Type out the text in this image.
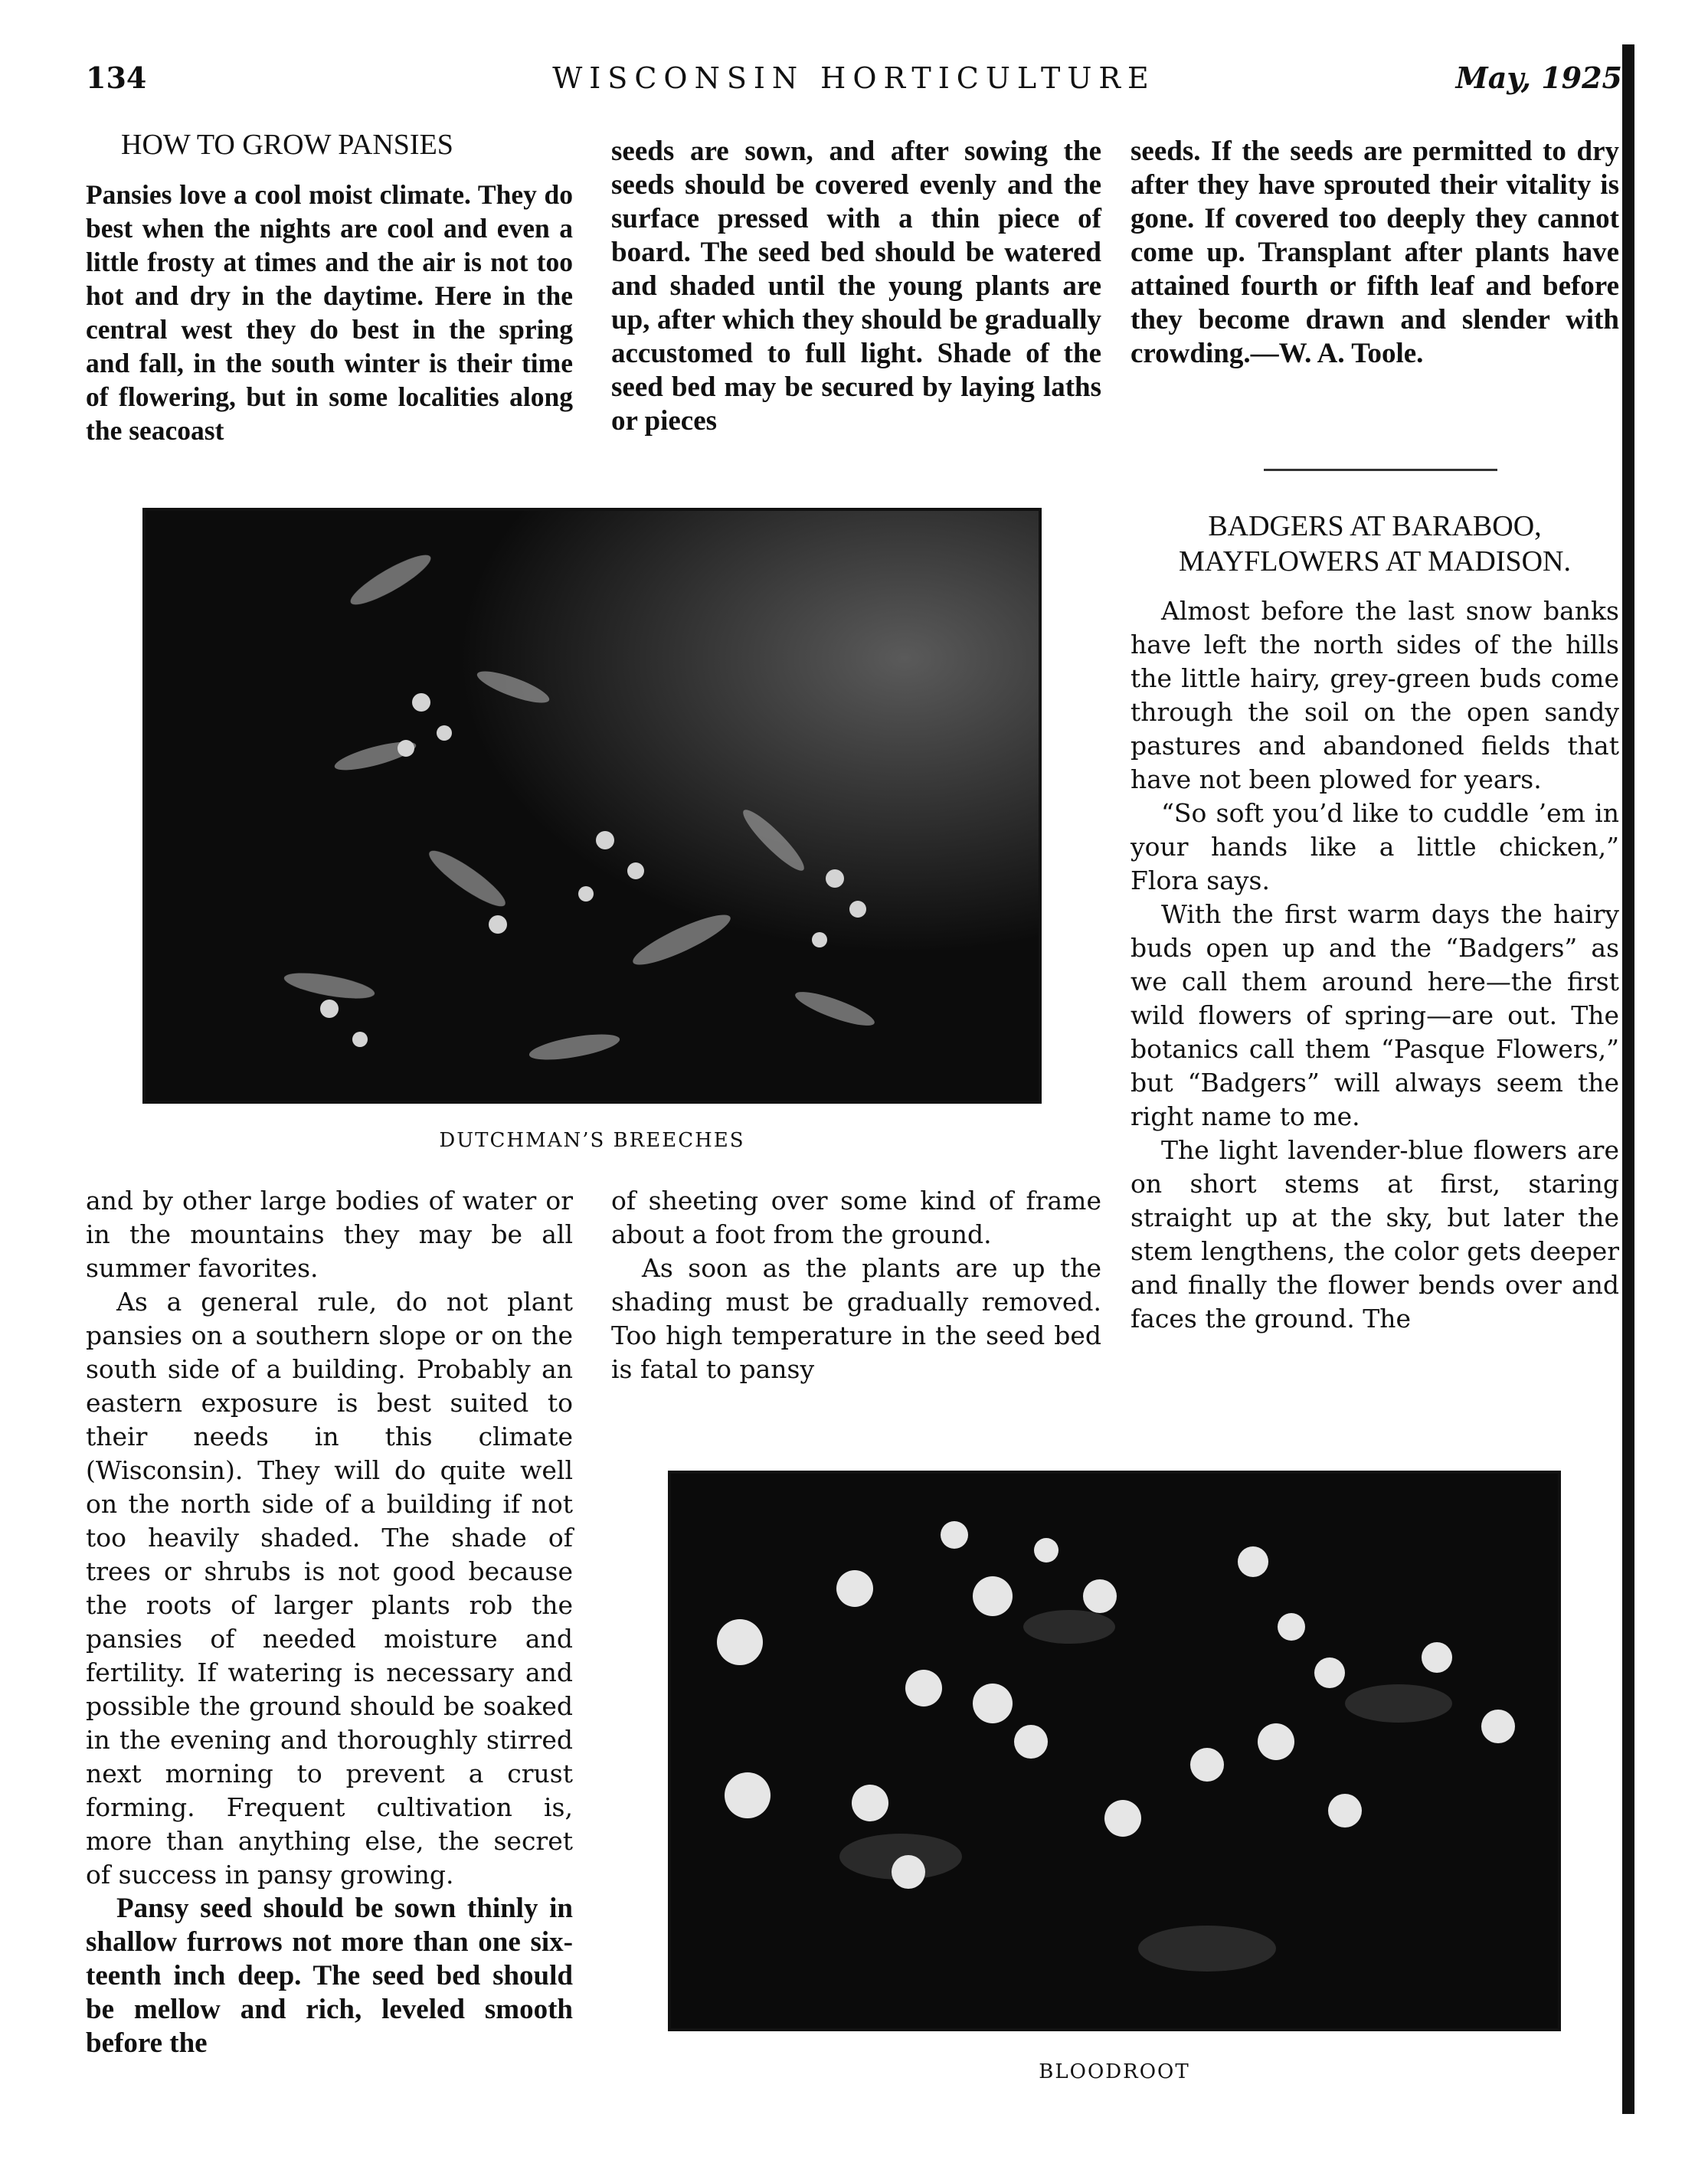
134	WISCONSIN HORTICULTURE	May, 1925
HOW TO GROW PANSIES

Pansies love a cool moist climate. They do best when the nights are cool and even a little frosty at times and the air is not too hot and dry in the daytime. Here in the central west they do best in the spring and fall, in the south winter is their time of flowering, but in some localities along the seacoast

seeds are sown, and after sowing the seeds should be covered evenly and the surface pressed with a thin piece of board. The seed bed should be watered and shaded until the young plants are up, after which they should be gradually accustomed to full light. Shade of the seed bed may be secured by laying laths or pieces

seeds. If the seeds are permitted to dry after they have sprouted their vitality is gone. If covered too deeply they cannot come up. Transplant after plants have attained fourth or fifth leaf and before they become drawn and slender with crowding.—W. A. Toole.

DUTCHMAN’S BREECHES

and by other large bodies of water or in the mountains they may be all summer favorites.

As a general rule, do not plant pansies on a southern slope or on the south side of a building. Probably an eastern exposure is best suited to their needs in this climate (Wisconsin). They will do quite well on the north side of a building if not too heavily shaded. The shade of trees or shrubs is not good because the roots of larger plants rob the pansies of needed moisture and fertility. If watering is necessary and possible the ground should be soaked in the evening and thoroughly stirred next morning to prevent a crust forming. Frequent cultivation is, more than anything else, the secret of success in pansy growing.

Pansy seed should be sown thinly in shallow furrows not more than one six-teenth inch deep. The seed bed should be mellow and rich, leveled smooth before the

of sheeting over some kind of frame about a foot from the ground.

As soon as the plants are up the shading must be gradually removed. Too high temperature in the seed bed is fatal to pansy

BADGERS AT BARABOO, MAYFLOWERS AT MADISON.

Almost before the last snow banks have left the north sides of the hills the little hairy, grey-green buds come through the soil on the open sandy pastures and abandoned fields that have not been plowed for years.

“So soft you’d like to cuddle ’em in your hands like a little chicken,” Flora says.

With the first warm days the hairy buds open up and the “Badgers” as we call them around here—the first wild flowers of spring—are out. The botanics call them “Pasque Flowers,” but “Badgers” will always seem the right name to me.

The light lavender-blue flowers are on short stems at first, staring straight up at the sky, but later the stem lengthens, the color gets deeper and finally the flower bends over and faces the ground. The

BLOODROOT
